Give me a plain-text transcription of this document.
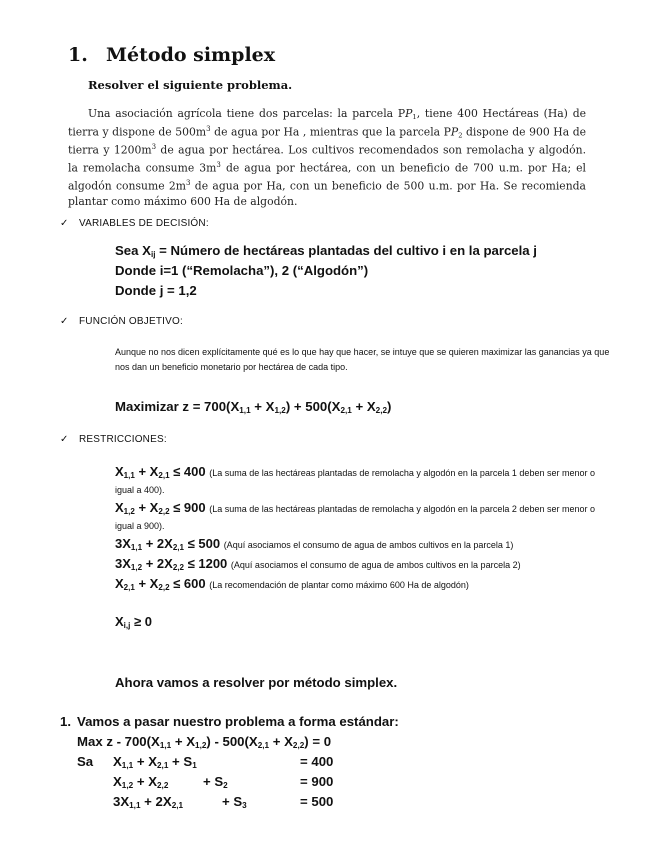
1. Método simplex
Resolver el siguiente problema.
Una asociación agrícola tiene dos parcelas: la parcela $PP_1$, tiene 400 Hectáreas (Ha) de tierra y dispone de $500m^3$ de agua por Ha , mientras que la parcela $PP_2$ dispone de 900 Ha de tierra y $1200m^3$ de agua por hectárea. Los cultivos recomendados son remolacha y algodón. la remolacha consume $3m^3$ de agua por hectárea, con un beneficio de 700 u.m. por Ha; el algodón consume $2m^3$ de agua por Ha, con un beneficio de 500 u.m. por Ha. Se recomienda plantar como máximo 600 Ha de algodón.
✓ VARIABLES DE DECISIÓN:
Sea $X_{ij}$ = Número de hectáreas plantadas del cultivo i en la parcela j
Donde i=1 (“Remolacha”), 2 (“Algodón”)
Donde j = 1,2
✓ FUNCIÓN OBJETIVO:
Aunque no nos dicen explícitamente qué es lo que hay que hacer, se intuye que se quieren maximizar las ganancias ya que nos dan un beneficio monetario por hectárea de cada tipo.
Maximizar $z = 700(X_{1,1} + X_{1,2}) + 500(X_{2,1} + X_{2,2})$
✓ RESTRICCIONES:
$X_{1,1} + X_{2,1} \le 400$ (La suma de las hectáreas plantadas de remolacha y algodón en la parcela 1 deben ser menor o igual a 400).
$X_{1,2} + X_{2,2} \le 900$ (La suma de las hectáreas plantadas de remolacha y algodón en la parcela 2 deben ser menor o igual a 900).
$3X_{1,1} + 2X_{2,1} \le 500$ (Aquí asociamos el consumo de agua de ambos cultivos en la parcela 1)
$3X_{1,2} + 2X_{2,2} \le 1200$ (Aquí asociamos el consumo de agua de ambos cultivos en la parcela 2)
$X_{2,1} + X_{2,2} \le 600$ (La recomendación de plantar como máximo 600 Ha de algodón)
$X_{i,j} \ge 0$
Ahora vamos a resolver por método simplex.
1. Vamos a pasar nuestro problema a forma estándar:
Max $z - 700(X_{1,1} + X_{1,2}) - 500(X_{2,1} + X_{2,2}) = 0$
Sa $X_{1,1} + X_{2,1} + S_1$	= 400
$X_{1,2} + X_{2,2}$	+ $S_2$	= 900
$3X_{1,1} + 2X_{2,1}$	+ $S_3$	= 500
